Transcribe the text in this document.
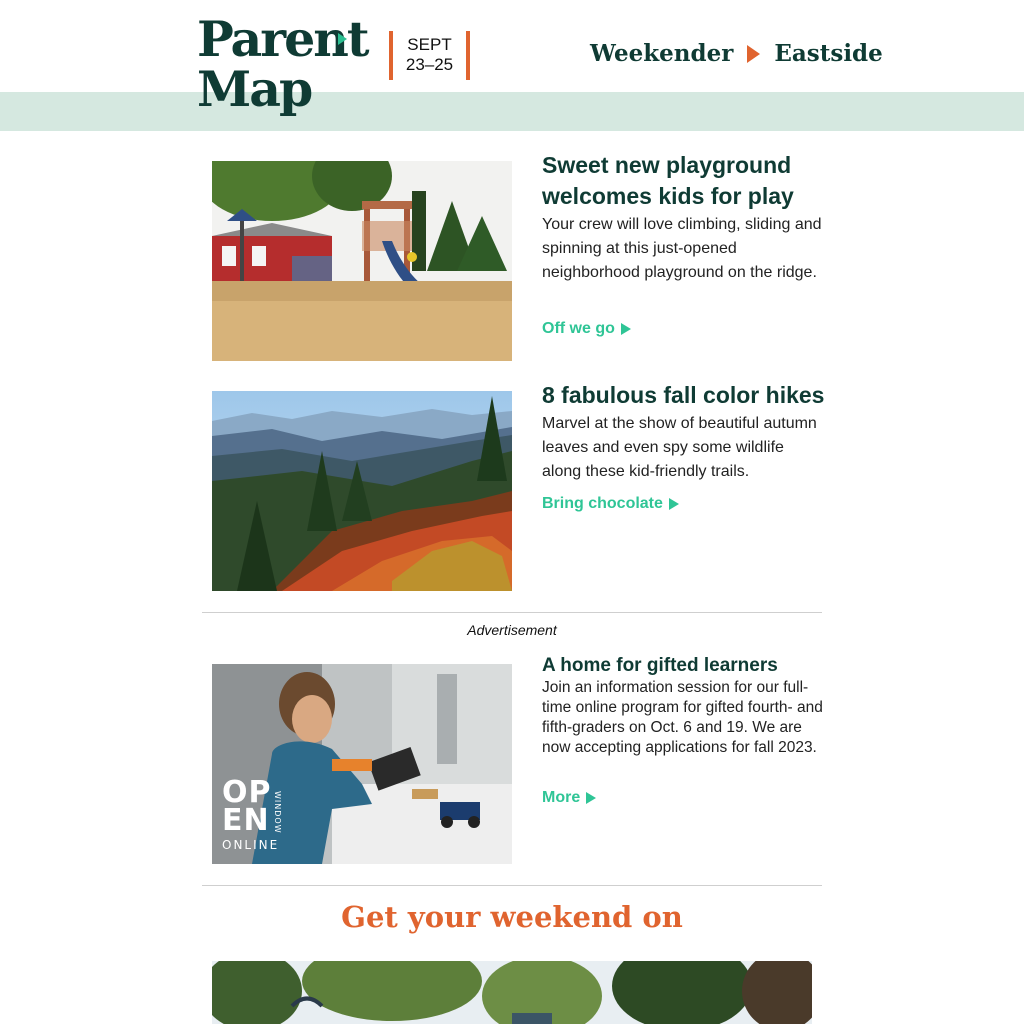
Parent
Map
SEPT
23–25	Weekender Eastside
Sweet new playground welcomes kids for play

Your crew will love climbing, sliding and spinning at this just-opened neighborhood playground on the ridge.

Off we go
8 fabulous fall color hikes

Marvel at the show of beautiful autumn leaves and even spy some wildlife along these kid-friendly trails.

Bring chocolate
Advertisement
OP
EN WINDOW
ONLINE
A home for gifted learners

Join an information session for our full-time online program for gifted fourth- and fifth-graders on Oct. 6 and 19. We are now accepting applications for fall 2023.

More
Get your weekend on
